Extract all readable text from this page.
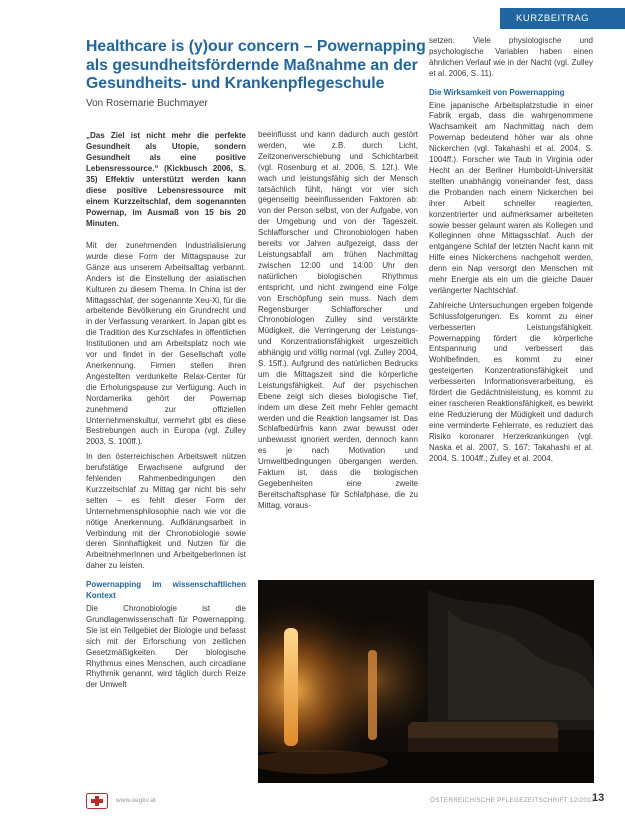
KURZBEITRAG
Healthcare is (y)our concern – Powernapping als gesundheitsfördernde Maßnahme an der Gesundheits- und Krankenpflegeschule
Von Rosemarie Buchmayer

„Das Ziel ist nicht mehr die perfekte Gesundheit als Utopie, sondern Gesundheit als eine positive Lebensressource.“ (Kickbusch 2006, S. 35) Effektiv unterstützt werden kann diese positive Lebensressource mit einem Kurzzeitschlaf, dem sogenannten Powernap, im Ausmaß von 15 bis 20 Minuten.

Mit der zunehmenden Industrialisierung wurde diese Form der Mittagspause zur Gänze aus unserem Arbeitsalltag verbannt. Anders ist die Einstellung der asiatischen Kulturen zu diesem Thema. In China ist der Mittagsschlaf, der sogenannte Xeu-Xi, für die arbeitende Bevölkerung ein Grundrecht und in der Verfassung verankert. In Japan gibt es die Tradition des Kurzschlafes in öffentlichen Institutionen und am Arbeitsplatz noch wie vor und findet in der Gesellschaft volle Anerkennung. Firmen stellen ihren Angestellten verdunkelte Relax-Center für die Erholungspause zur Verfügung. Auch in Nordamerika gehört der Powernap zunehmend zur offiziellen Unternehmenskultur, vermehrt gibt es diese Bestrebungen auch in Europa (vgl. Zulley 2003, S. 100ff.).

In den österreichischen Arbeitswelt nützen berufstätige Erwachsene aufgrund der fehlenden Rahmenbedingungen den Kurzzeitschlaf zu Mittag gar nicht bis sehr selten – es fehlt dieser Form der Unternehmensphilosophie nach wie vor die nötige Anerkennung. Aufklärungsarbeit in Verbindung mit der Chronobiologie sowie deren Sinnhaftigkeit und Nutzen für die ArbeitnehmerInnen und ArbeitgeberInnen ist daher zu leisten.

Powernapping im wissenschaftlichen Kontext

Die Chronobiologie ist die Grundlagenwissenschaft für Powernapping. Sie ist ein Teilgebiet der Biologie und befasst sich mit der Erforschung von zeitlichen Gesetzmäßigkeiten. Der biologische Rhythmus eines Menschen, auch circadiane Rhythmik genannt, wird täglich durch Reize der Umwelt

beeinflusst und kann dadurch auch gestört werden, wie z.B. durch Licht, Zeitzonenverschiebung und Schichtarbeit (vgl. Rosenburg et al. 2006, S. 12f.). Wie wach und leistungsfähig sich der Mensch tatsächlich fühlt, hängt vor vier sich gegenseitig beeinflussenden Faktoren ab: von der Person selbst, von der Aufgabe, von der Umgebung und von der Tageszeit. Schlafforscher und Chronobiologen haben bereits vor Jahren aufgezeigt, dass der Leistungsabfall am frühen Nachmittag zwischen 12:00 und 14:00 Uhr den natürlichen biologischen Rhythmus entspricht, und nicht zwingend eine Folge von Erschöpfung sein muss. Nach dem Regensburger Schlafforscher und Chronobiologen Zulley sind verstärkte Müdigkeit, die Verringerung der Leistungs- und Konzentrationsfähigkeit urgeszeitlich abhängig und völlig normal (vgl. Zulley 2004, S. 15ff.). Aufgrund des natürlichen Bedrucks um die Mittagszeit sind die körperliche Leistungsfähigkeit. Auf der psychischen Ebene zeigt sich dieses biologische Tief, indem um diese Zeit mehr Fehler gemacht werden und die Reaktion langsamer ist. Das Schlafbedürfnis kann zwar bewusst oder unbewusst ignoriert werden, dennoch kann es je nach Motivation und Umweltbedingungen übergangen werden. Faktum ist, dass die biologischen Gegebenheiten eine zweite Bereitschaftsphase für Schlafphase, die zu Mittag, voraus-

setzen. Viele physiologische und psychologische Variablen haben einen ähnlichen Verlauf wie in der Nacht (vgl. Zulley et al. 2006, S. 11).

Die Wirksamkeit von Powernapping

Eine japanische Arbeitsplatzstudie in einer Fabrik ergab, dass die wahrgenommene Wachsamkeit am Nachmittag nach dem Powernap bedeutend höher war als ohne Nickerchen (vgl. Takahashi et al. 2004, S. 1004ff.). Forscher wie Taub in Virginia oder Hecht an der Berliner Humboldt-Universität stellten unabhängig voneinander fest, dass die Probanden nach einem Nickerchen bei ihrer Arbeit schneller reagierten, konzentrierter und aufmerksamer arbeiteten sowie besser gelaunt waren als Kollegen und Kolleginnen ohne Mittagsschlaf. Auch der entgangene Schlaf der letzten Nacht kann mit Hilfe eines Nickerchens nachgeholt werden, denn ein Nap versorgt den Menschen mit mehr Energie als ein um die gleiche Dauer verlängerter Nachtschlaf.

Zahlreiche Untersuchungen ergeben folgende Schlussfolgerungen. Es kommt zu einer verbesserten Leistungsfähigkeit. Powernapping fördert die körperliche Entspannung und verbessert das Wohlbefinden, es kommt zu einer gesteigerten Konzentrationsfähigkeit und verbesserten Informationsverarbeitung, es fördert die Gedächtnisleistung, es kommt zu einer rascheren Reaktionsfähigkeit, es bewirkt eine Reduzierung der Müdigkeit und dadurch eine verminderte Fehlerrate, es reduziert das Risiko koronarer Herzerkrankungen (vgl. Naska et al. 2007, S. 167; Takahashi et al. 2004, S. 1004ff.; Zulley et al. 2004,

www.oegkv.at	ÖSTERREICHISCHE PFLEGEZEITSCHRIFT 12/2013
13
